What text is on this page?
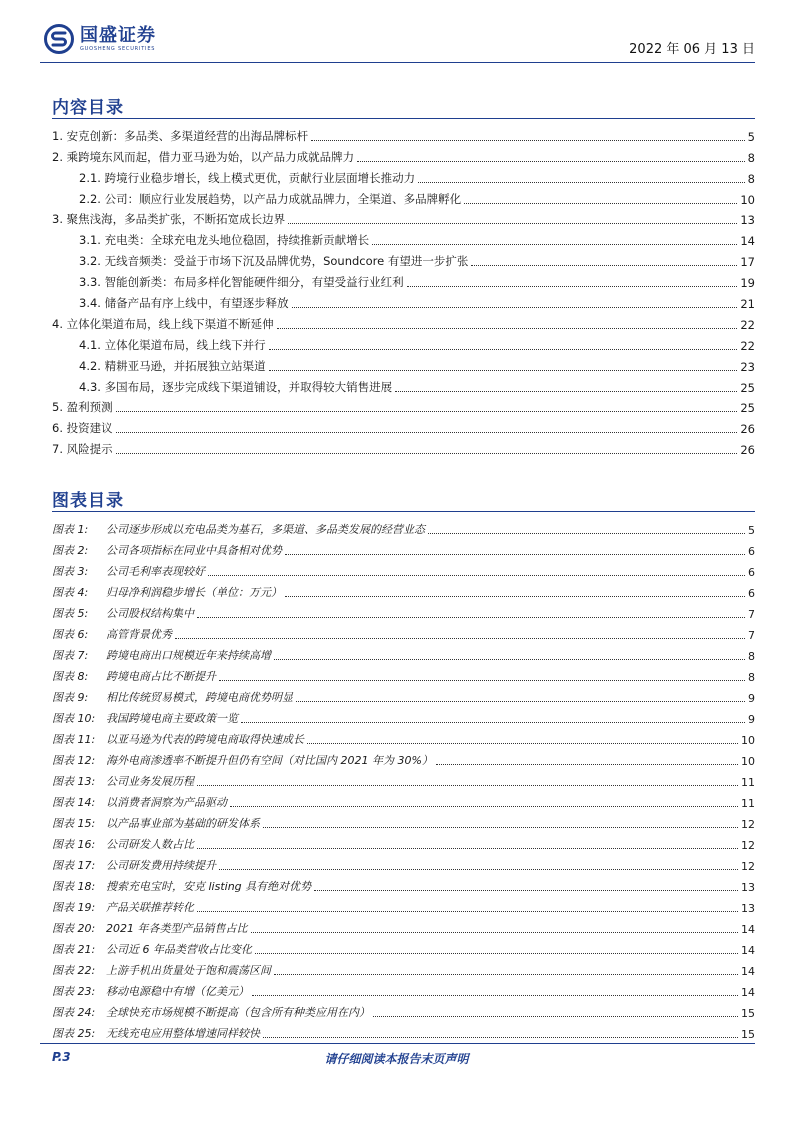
国盛证券
GUOSHENG SECURITIES	2022 年 06 月 13 日
内容目录
1. 安克创新：多品类、多渠道经营的出海品牌标杆	5
2. 乘跨境东风而起，借力亚马逊为始，以产品力成就品牌力	8
2.1. 跨境行业稳步增长，线上模式更优，贡献行业层面增长推动力	8
2.2. 公司：顺应行业发展趋势，以产品力成就品牌力，全渠道、多品牌孵化	10
3. 聚焦浅海，多品类扩张，不断拓宽成长边界	13
3.1. 充电类：全球充电龙头地位稳固，持续推新贡献增长	14
3.2. 无线音频类：受益于市场下沉及品牌优势，Soundcore 有望进一步扩张	17
3.3. 智能创新类：布局多样化智能硬件细分，有望受益行业红利	19
3.4. 储备产品有序上线中，有望逐步释放	21
4. 立体化渠道布局，线上线下渠道不断延伸	22
4.1. 立体化渠道布局，线上线下并行	22
4.2. 精耕亚马逊，并拓展独立站渠道	23
4.3. 多国布局，逐步完成线下渠道铺设，并取得较大销售进展	25
5. 盈利预测	25
6. 投资建议	26
7. 风险提示	26
图表目录
图表 1: 公司逐步形成以充电品类为基石，多渠道、多品类发展的经营业态	5
图表 2: 公司各项指标在同业中具备相对优势	6
图表 3: 公司毛利率表现较好	6
图表 4: 归母净利润稳步增长（单位：万元）	6
图表 5: 公司股权结构集中	7
图表 6: 高管背景优秀	7
图表 7: 跨境电商出口规模近年来持续高增	8
图表 8: 跨境电商占比不断提升	8
图表 9: 相比传统贸易模式，跨境电商优势明显	9
图表 10: 我国跨境电商主要政策一览	9
图表 11: 以亚马逊为代表的跨境电商取得快速成长	10
图表 12: 海外电商渗透率不断提升但仍有空间（对比国内 2021 年为 30%）	10
图表 13: 公司业务发展历程	11
图表 14: 以消费者洞察为产品驱动	11
图表 15: 以产品事业部为基础的研发体系	12
图表 16: 公司研发人数占比	12
图表 17: 公司研发费用持续提升	12
图表 18: 搜索充电宝时，安克 listing 具有绝对优势	13
图表 19: 产品关联推荐转化	13
图表 20: 2021 年各类型产品销售占比	14
图表 21: 公司近 6 年品类营收占比变化	14
图表 22: 上游手机出货量处于饱和震荡区间	14
图表 23: 移动电源稳中有增（亿美元）	14
图表 24: 全球快充市场规模不断提高（包含所有种类应用在内）	15
图表 25: 无线充电应用整体增速同样较快	15
P.3	请仔细阅读本报告末页声明
